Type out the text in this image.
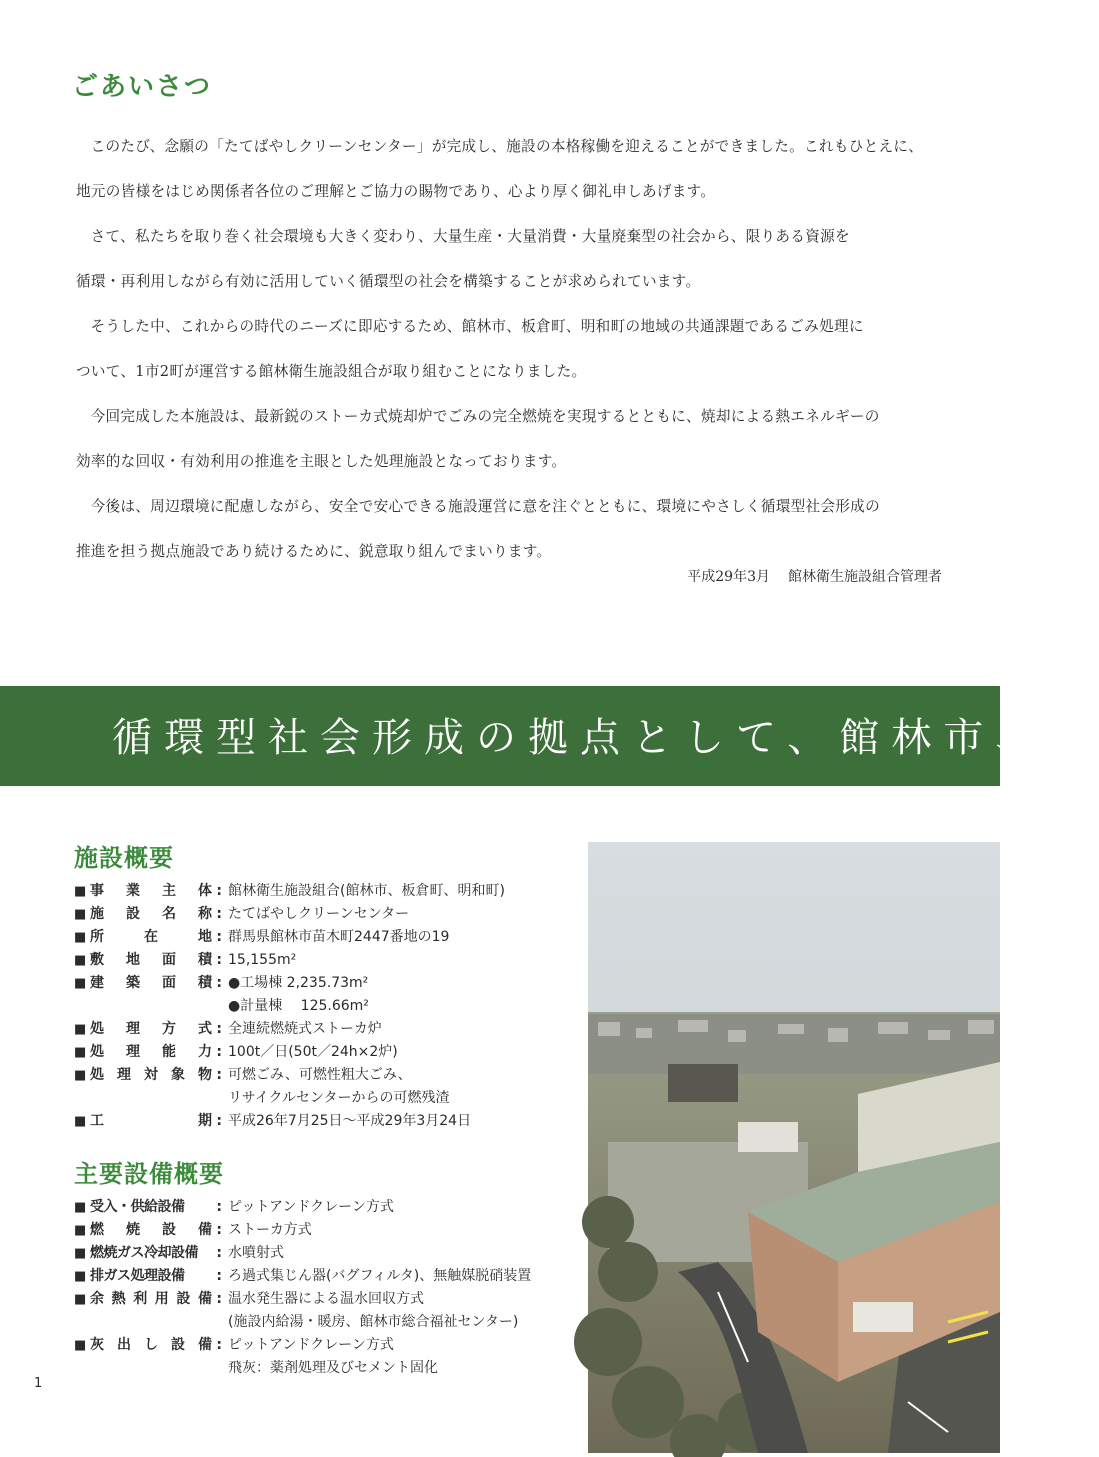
ごあいさつ

このたび、念願の「たてばやしクリーンセンター」が完成し、施設の本格稼働を迎えることができました。これもひとえに、

地元の皆様をはじめ関係者各位のご理解とご協力の賜物であり、心より厚く御礼申しあげます。

さて、私たちを取り巻く社会環境も大きく変わり、大量生産・大量消費・大量廃棄型の社会から、限りある資源を

循環・再利用しながら有効に活用していく循環型の社会を構築することが求められています。

そうした中、これからの時代のニーズに即応するため、館林市、板倉町、明和町の地域の共通課題であるごみ処理に

ついて、1市2町が運営する館林衛生施設組合が取り組むことになりました。

今回完成した本施設は、最新鋭のストーカ式焼却炉でごみの完全燃焼を実現するとともに、焼却による熱エネルギーの

効率的な回収・有効利用の推進を主眼とした処理施設となっております。

今後は、周辺環境に配慮しながら、安全で安心できる施設運営に意を注ぐとともに、環境にやさしく循環型社会形成の

推進を担う拠点施設であり続けるために、鋭意取り組んでまいります。

平成29年3月 館林衛生施設組合管理者
循環型社会形成の拠点として、館林市、板
施設概要
■ 事 業 主 体 : 館林衛生施設組合(館林市、板倉町、明和町)
■ 施 設 名 称 : たてばやしクリーンセンター
■ 所	在	地 : 群馬県館林市苗木町2447番地の19
■ 敷 地 面 積 : 15,155m²
■ 建 築 面 積 : ●工場棟 2,235.73m²
●計量棟　 125.66m²
■ 処 理 方 式 : 全連続燃焼式ストーカ炉
■ 処 理 能 力 : 100t／日(50t／24h×2炉)
■ 処 理 対 象 物 : 可燃ごみ、可燃性粗大ごみ、
リサイクルセンターからの可燃残渣
■ 工	期 : 平成26年7月25日～平成29年3月24日
主要設備概要
■ 受入・供給設備	: ピットアンドクレーン方式
■ 燃 焼 設 備 : ストーカ方式
■ 燃焼ガス冷却設備	: 水噴射式
■ 排ガス処理設備	: ろ過式集じん器(バグフィルタ)、無触媒脱硝装置
■ 余 熱 利 用 設 備 : 温水発生器による温水回収方式
(施設内給湯・暖房、館林市総合福祉センター)
■ 灰 出 し 設 備 : ピットアンドクレーン方式
飛灰：薬剤処理及びセメント固化
1
